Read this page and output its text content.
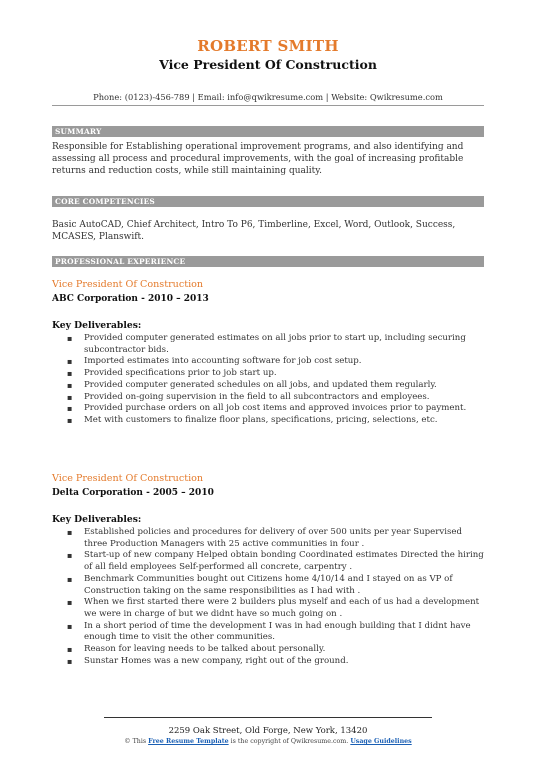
ROBERT SMITH
Vice President Of Construction
Phone: (0123)-456-789 | Email: info@qwikresume.com | Website: Qwikresume.com
SUMMARY
Responsible for Establishing operational improvement programs, and also identifying and assessing all process and procedural improvements, with the goal of increasing profitable returns and reduction costs, while still maintaining quality.
CORE COMPETENCIES
Basic AutoCAD, Chief Architect, Intro To P6, Timberline, Excel, Word, Outlook, Success, MCASES, Planswift.
PROFESSIONAL EXPERIENCE
Vice President Of Construction
ABC Corporation - 2010 – 2013
Key Deliverables:
▪ Provided computer generated estimates on all jobs prior to start up, including securing subcontractor bids.
▪ Imported estimates into accounting software for job cost setup.
▪ Provided specifications prior to job start up.
▪ Provided computer generated schedules on all jobs, and updated them regularly.
▪ Provided on-going supervision in the field to all subcontractors and employees.
▪ Provided purchase orders on all job cost items and approved invoices prior to payment.
▪ Met with customers to finalize floor plans, specifications, pricing, selections, etc.
Vice President Of Construction
Delta Corporation - 2005 – 2010
Key Deliverables:
▪ Established policies and procedures for delivery of over 500 units per year Supervised three Production Managers with 25 active communities in four .
▪ Start-up of new company Helped obtain bonding Coordinated estimates Directed the hiring of all field employees Self-performed all concrete, carpentry .
▪ Benchmark Communities bought out Citizens home 4/10/14 and I stayed on as VP of Construction taking on the same responsibilities as I had with .
▪ When we first started there were 2 builders plus myself and each of us had a development we were in charge of but we didnt have so much going on .
▪ In a short period of time the development I was in had enough building that I didnt have enough time to visit the other communities.
▪ Reason for leaving needs to be talked about personally.
▪ Sunstar Homes was a new company, right out of the ground.
2259 Oak Street, Old Forge, New York, 13420
© This Free Resume Template is the copyright of Qwikresume.com. Usage Guidelines
